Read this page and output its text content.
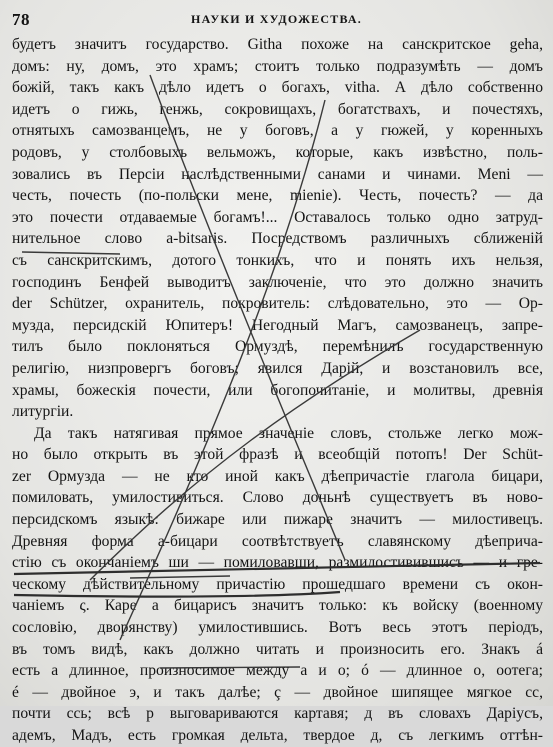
78	НАУКИ И ХУДОЖЕСТВА.
будетъ значитъ государство. Githa похоже на санскритское geha,
домъ: ну, домъ, это храмъ; стоитъ только подразумѣть — домъ
божій, такъ какъ дѣло идетъ о богахъ, vitha. А дѣло собственно
идетъ о гижь, генжь, сокровищахъ, богатствахъ, и почестяхъ,
отнятыхъ самозванцемъ, не у боговъ, а у гюжей, у коренныхъ
родовъ, у столбовыхъ вельможъ, которые, какъ извѣстно, поль-
зовались въ Персіи наслѣдственными санами и чинами. Meni —
честь, почесть (по-польски мене, mienie). Честь, почесть? — да
это почести отдаваемые богамъ!... Оставалось только одно затруд-
нительное слово a-bitsaris. Посредствомъ различныхъ сближеній
съ санскритскимъ, дотого тонкихъ, что и понять ихъ нельзя,
господинъ Бенфей выводитъ заключеніе, что это должно значить
der Schützer, охранитель, покровитель: слѣдовательно, это — Ор-
музда, персидскій Юпитеръ! Негодный Магъ, самозванецъ, запре-
тилъ было поклоняться Ормуздѣ, перемѣнилъ государственную
религію, низпровергъ боговъ; явился Дарій, и возстановилъ все,
храмы, божескія почести, или богопочитаніе, и молитвы, древнія
литургіи.
Да такъ натягивая прямое значеніе словъ, стольже легко мож-
но было открыть въ этой фразѣ и всеобщій потопъ! Der Schüt-
zer Ормузда — не кто иной какъ дѣепричастіе глагола бицари,
помиловать, умилостивиться. Слово доньнѣ существуетъ въ ново-
персидскомъ языкѣ: бижаре или пижаре значитъ — милостивецъ.
Древняя форма а-бицари соотвѣтствуетъ славянскому дѣеприча-
стію съ окончаніемъ ши — помиловавши, размилостивившисъ — и гре-
ческому дѣйствительному причастію прошедшаго времени съ окон-
чаніемъ ς. Каре а бицарисъ значитъ только: къ войску (военному
сословію, дворянству) умилостившись. Вотъ весь этотъ періодъ,
въ томъ видѣ, какъ должно читать и произносить его. Знакъ á
есть а длинное, произносимое между а и о; ó — длинное о, оотега;
é — двойное э, и такъ далѣе; ç — двойное шипящее мягкое сс,
почти ссь; всѣ р выговариваются картавя; д въ словахъ Даріусъ,
адемъ, Мадъ, есть громкая дельта, твердое д, съ легкимъ оттѣн-
